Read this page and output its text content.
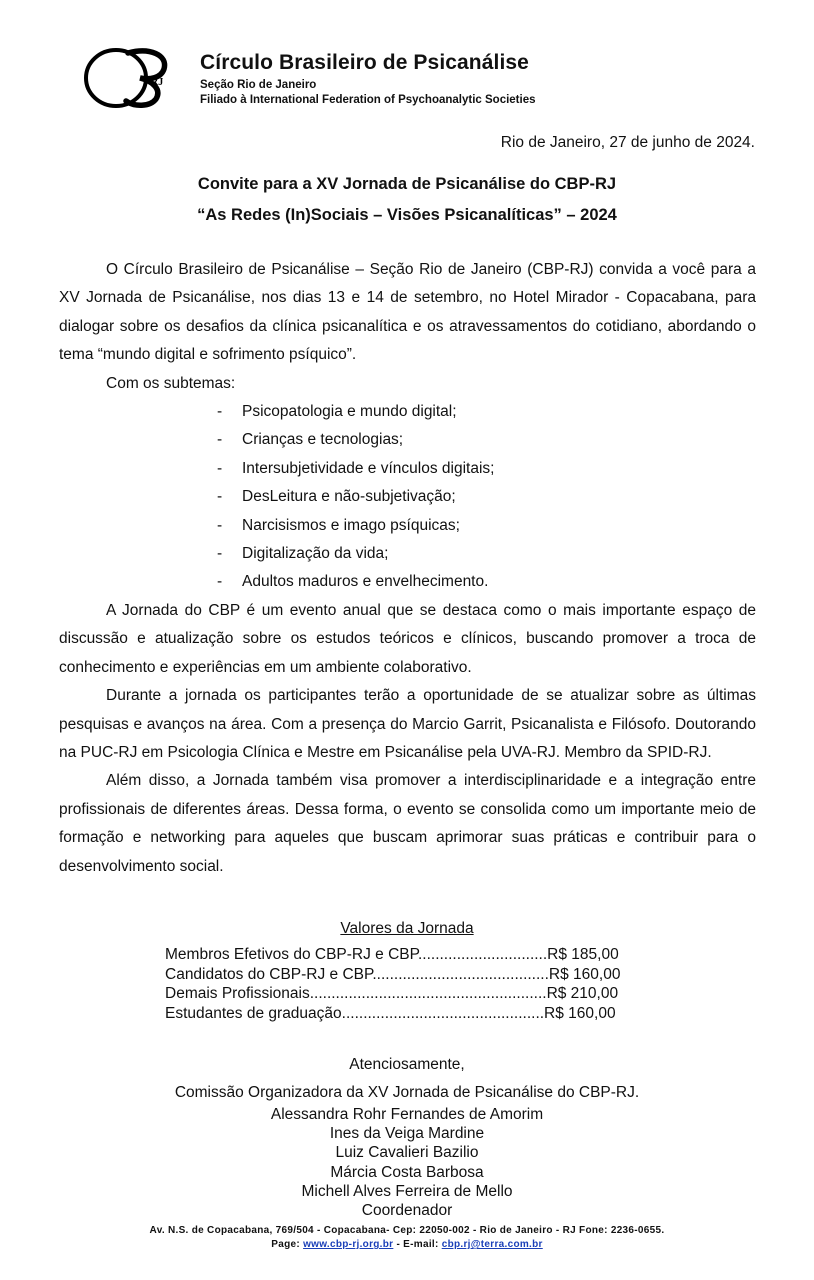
RJ
Círculo Brasileiro de Psicanálise
Seção Rio de Janeiro
Filiado à International Federation of Psychoanalytic Societies
Rio de Janeiro, 27 de junho de 2024.
Convite para a XV Jornada de Psicanálise do CBP-RJ
“As Redes (In)Sociais – Visões Psicanalíticas” – 2024

O Círculo Brasileiro de Psicanálise – Seção Rio de Janeiro (CBP-RJ) convida a você para a XV Jornada de Psicanálise, nos dias 13 e 14 de setembro, no Hotel Mirador - Copacabana, para dialogar sobre os desafios da clínica psicanalítica e os atravessamentos do cotidiano, abordando o tema “mundo digital e sofrimento psíquico”.

Com os subtemas:

- Psicopatologia e mundo digital;
- Crianças e tecnologias;
- Intersubjetividade e vínculos digitais;
- DesLeitura e não-subjetivação;
- Narcisismos e imago psíquicas;
- Digitalização da vida;
- Adultos maduros e envelhecimento.

A Jornada do CBP é um evento anual que se destaca como o mais importante espaço de discussão e atualização sobre os estudos teóricos e clínicos, buscando promover a troca de conhecimento e experiências em um ambiente colaborativo.

Durante a jornada os participantes terão a oportunidade de se atualizar sobre as últimas pesquisas e avanços na área. Com a presença do Marcio Garrit, Psicanalista e Filósofo. Doutorando na PUC-RJ em Psicologia Clínica e Mestre em Psicanálise pela UVA-RJ. Membro da SPID-RJ.

Além disso, a Jornada também visa promover a interdisciplinaridade e a integração entre profissionais de diferentes áreas. Dessa forma, o evento se consolida como um importante meio de formação e networking para aqueles que buscam aprimorar suas práticas e contribuir para o desenvolvimento social.

Valores da Jornada
Membros Efetivos do CBP-RJ e CBP..............................R$ 185,00
Candidatos do CBP-RJ e CBP.........................................R$ 160,00
Demais Profissionais.......................................................R$ 210,00
Estudantes de graduação...............................................R$ 160,00
Atenciosamente,
Comissão Organizadora da XV Jornada de Psicanálise do CBP-RJ.
Alessandra Rohr Fernandes de Amorim
Ines da Veiga Mardine
Luiz Cavalieri Bazilio
Márcia Costa Barbosa
Michell Alves Ferreira de Mello
Coordenador
Av. N.S. de Copacabana, 769/504 - Copacabana- Cep: 22050-002 - Rio de Janeiro - RJ Fone: 2236-0655.
Page: www.cbp-rj.org.br - E-mail: cbp.rj@terra.com.br
